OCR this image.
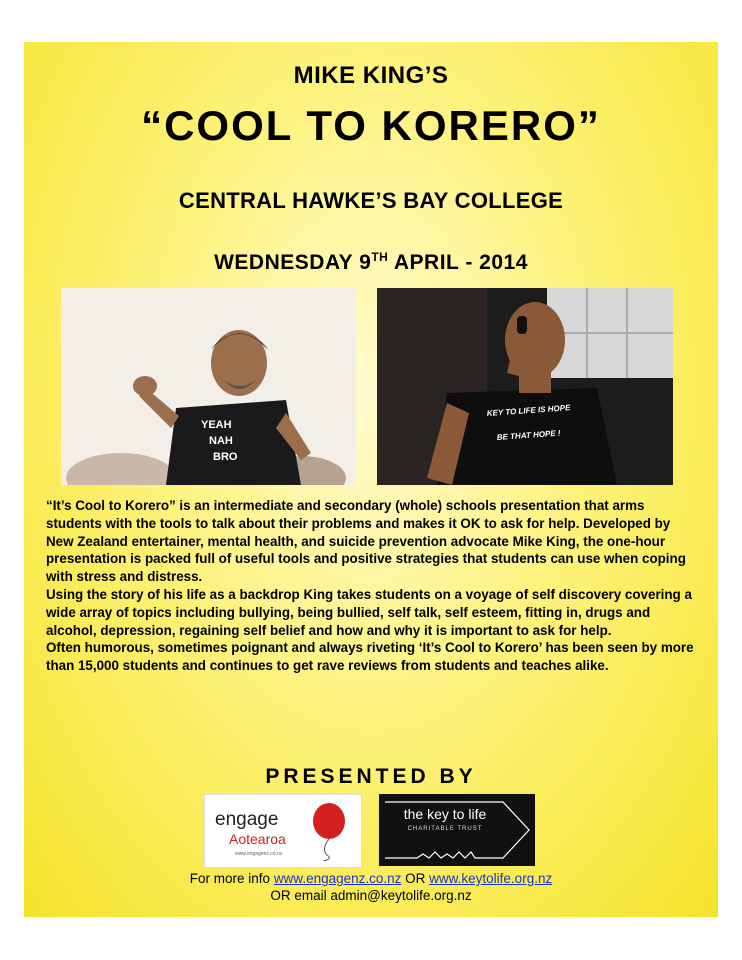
MIKE KING’S
“COOL TO KORERO”
CENTRAL HAWKE’S BAY COLLEGE
WEDNESDAY 9TH APRIL - 2014
YEAH
NAH
BRO
KEY TO LIFE IS HOPE
BE THAT HOPE !

“It’s Cool to Korero” is an intermediate and secondary (whole) schools presentation that arms students with the tools to talk about their problems and makes it OK to ask for help. Developed by New Zealand entertainer, mental health, and suicide prevention advocate Mike King, the one-hour presentation is packed full of useful tools and positive strategies that students can use when coping with stress and distress.

Using the story of his life as a backdrop King takes students on a voyage of self discovery covering a wide array of topics including bullying, being bullied, self talk, self esteem, fitting in, drugs and alcohol, depression, regaining self belief and how and why it is important to ask for help.

Often humorous, sometimes poignant and always riveting ‘It’s Cool to Korero’ has been seen by more than 15,000 students and continues to get rave reviews from students and teaches alike.

PRESENTED BY
engage
Aotearoa
www.engagenz.co.nz
the key to life
CHARITABLE TRUST
For more info www.engagenz.co.nz OR www.keytolife.org.nz
OR email admin@keytolife.org.nz
